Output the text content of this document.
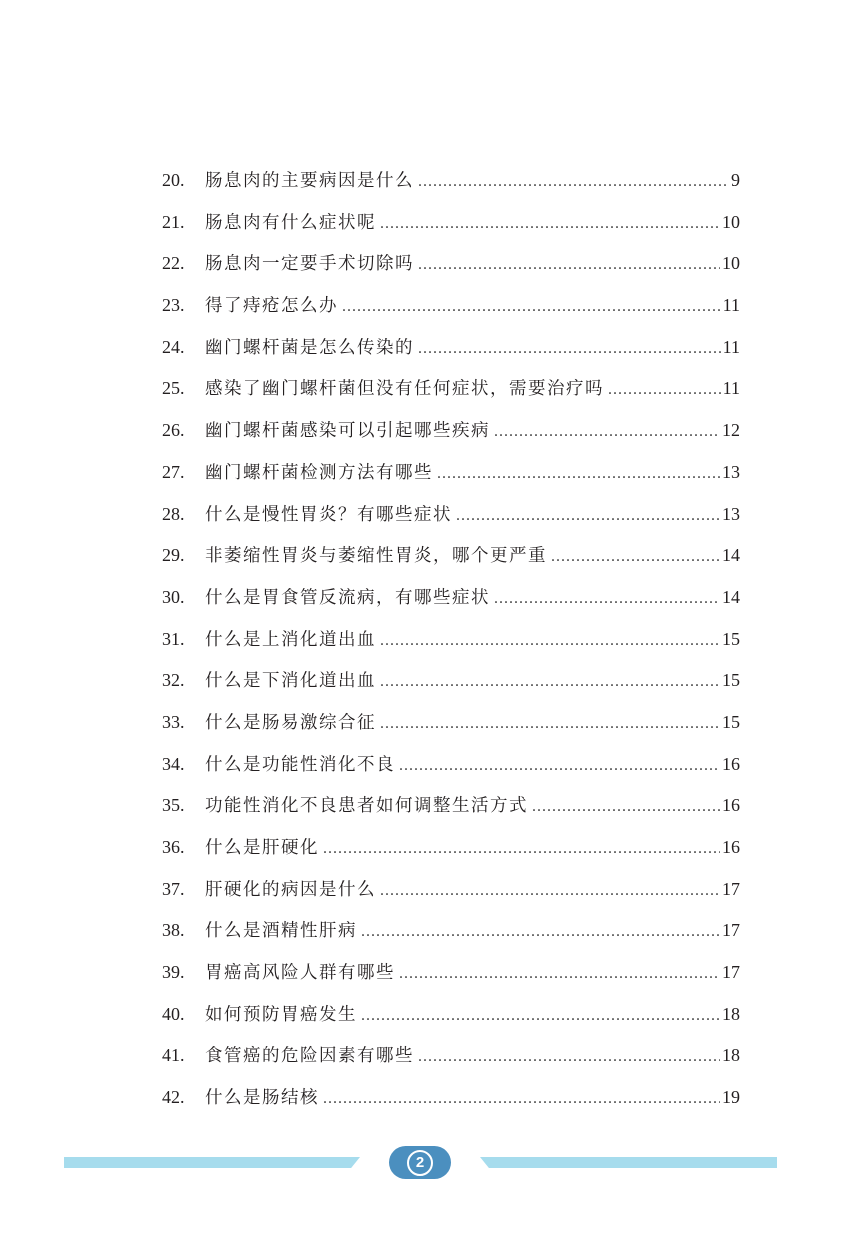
20.	肠息肉的主要病因是什么 .....	9
21.	肠息肉有什么症状呢 .....	10
22.	肠息肉一定要手术切除吗 .....	10
23.	得了痔疮怎么办 .....	11
24.	幽门螺杆菌是怎么传染的 .....	11
25.	感染了幽门螺杆菌但没有任何症状，需要治疗吗 .....	11
26.	幽门螺杆菌感染可以引起哪些疾病 .....	12
27.	幽门螺杆菌检测方法有哪些 .....	13
28.	什么是慢性胃炎？有哪些症状 .....	13
29.	非萎缩性胃炎与萎缩性胃炎，哪个更严重 .....	14
30.	什么是胃食管反流病，有哪些症状 .....	14
31.	什么是上消化道出血 .....	15
32.	什么是下消化道出血 .....	15
33.	什么是肠易激综合征 .....	15
34.	什么是功能性消化不良 .....	16
35.	功能性消化不良患者如何调整生活方式 .....	16
36.	什么是肝硬化 .....	16
37.	肝硬化的病因是什么 .....	17
38.	什么是酒精性肝病 .....	17
39.	胃癌高风险人群有哪些 .....	17
40.	如何预防胃癌发生 .....	18
41.	食管癌的危险因素有哪些 .....	18
42.	什么是肠结核 .....	19
2
